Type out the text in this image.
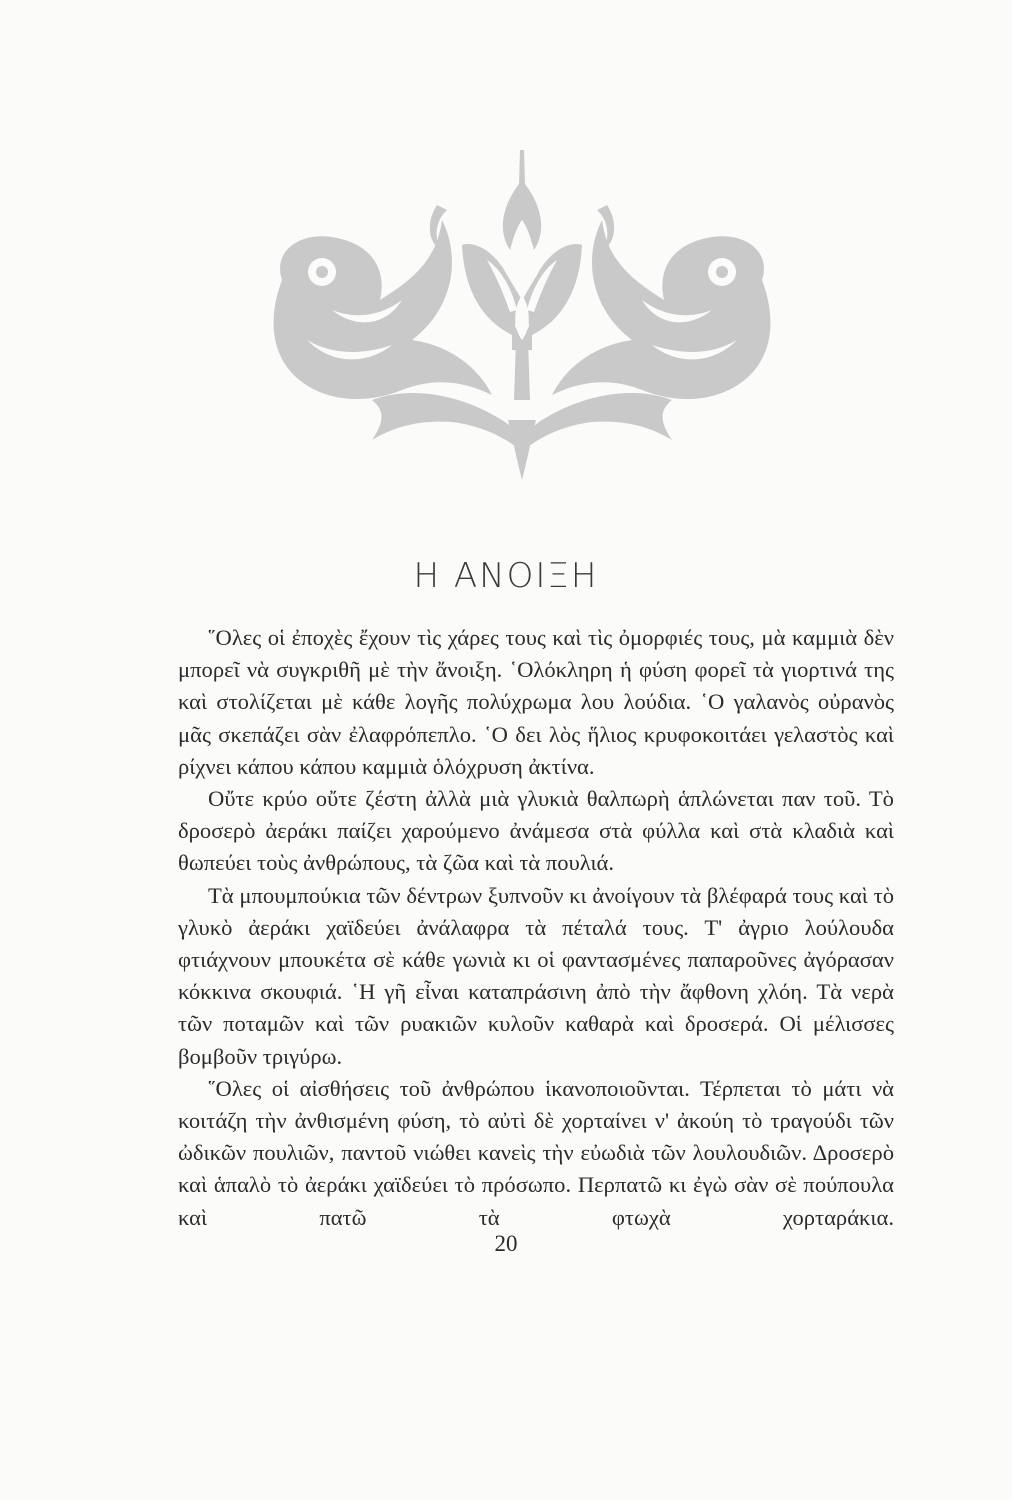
Η ΑΝΟΙΞΗ

῞Ολες οἱ ἐποχὲς ἔχουν τὶς χάρες τους καὶ τὶς ὀμορφιές τους, μὰ καμμιὰ δὲν μπορεῖ νὰ συγκριθῆ μὲ τὴν ἄνοιξη. ῾Ολόκληρη ἡ φύση φορεῖ τὰ γιορτινά της καὶ στολίζεται μὲ κάθε λογῆς πολύχρωμα λου λούδια. ῾Ο γαλανὸς οὐρανὸς μᾶς σκεπάζει σὰν ἐλαφρόπεπλο. ῾Ο δει λὸς ἥλιος κρυφοκοιτάει γελαστὸς καὶ ρίχνει κάπου κάπου καμμιὰ ὁλόχρυση ἀκτίνα.

Οὔτε κρύο οὔτε ζέστη ἀλλὰ μιὰ γλυκιὰ θαλπωρὴ ἁπλώνεται παν τοῦ. Τὸ δροσερὸ ἀεράκι παίζει χαρούμενο ἀνάμεσα στὰ φύλλα καὶ στὰ κλαδιὰ καὶ θωπεύει τοὺς ἀνθρώπους, τὰ ζῶα καὶ τὰ πουλιά.

Τὰ μπουμπούκια τῶν δέντρων ξυπνοῦν κι ἀνοίγουν τὰ βλέφαρά τους καὶ τὸ γλυκὸ ἀεράκι χαϊδεύει ἀνάλαφρα τὰ πέταλά τους. Τ' ἀγριο λούλουδα φτιάχνουν μπουκέτα σὲ κάθε γωνιὰ κι οἱ φαντασμένες παπαροῦνες ἀγόρασαν κόκκινα σκουφιά. ῾Η γῆ εἶναι καταπράσινη ἀπὸ τὴν ἄφθονη χλόη. Τὰ νερὰ τῶν ποταμῶν καὶ τῶν ρυακιῶν κυλοῦν καθαρὰ καὶ δροσερά. Οἱ μέλισσες βομβοῦν τριγύρω.

῞Ολες οἱ αἰσθήσεις τοῦ ἀνθρώπου ἱκανοποιοῦνται. Τέρπεται τὸ μάτι νὰ κοιτάζη τὴν ἀνθισμένη φύση, τὸ αὐτὶ δὲ χορταίνει ν' ἀκούη τὸ τραγούδι τῶν ὠδικῶν πουλιῶν, παντοῦ νιώθει κανεὶς τὴν εὐωδιὰ τῶν λουλουδιῶν. Δροσερὸ καὶ ἁπαλὸ τὸ ἀεράκι χαϊδεύει τὸ πρόσωπο. Περπατῶ κι ἐγὼ σὰν σὲ πούπουλα καὶ πατῶ τὰ φτωχὰ χορταράκια.

20
